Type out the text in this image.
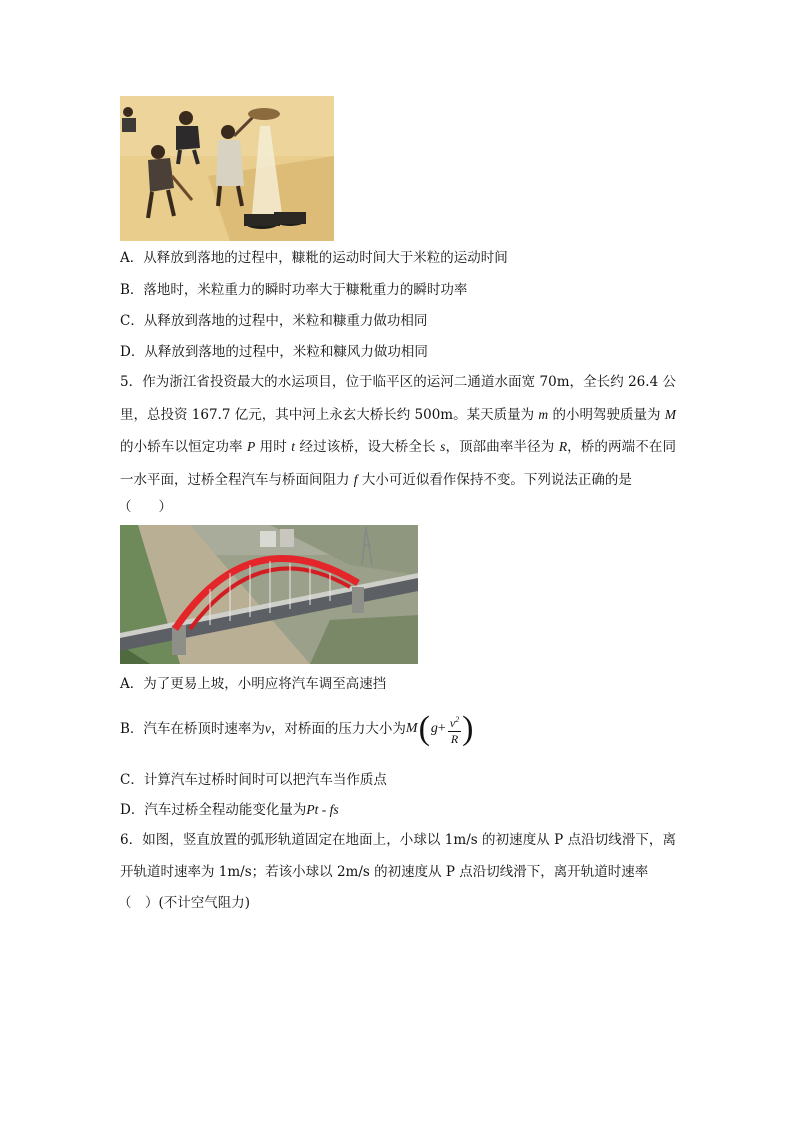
A．从释放到落地的过程中，糠粃的运动时间大于米粒的运动时间
B．落地时，米粒重力的瞬时功率大于糠粃重力的瞬时功率
C．从释放到落地的过程中，米粒和糠重力做功相同
D．从释放到落地的过程中，米粒和糠风力做功相同
5．作为浙江省投资最大的水运项目，位于临平区的运河二通道水面宽 70m，全长约 26.4 公里，总投资 167.7 亿元，其中河上永玄大桥长约 500m。某天质量为 m 的小明驾驶质量为 M 的小轿车以恒定功率 P 用时 t 经过该桥，设大桥全长 s，顶部曲率半径为 R，桥的两端不在同一水平面，过桥全程汽车与桥面间阻力 f 大小可近似看作保持不变。下列说法正确的是
（　　）
A．为了更易上坡，小明应将汽车调至高速挡
B．汽车在桥顶时速率为 v ，对桥面的压力大小为 M ( $g + \frac{v^2}{R}$ )
C．计算汽车过桥时间时可以把汽车当作质点
D．汽车过桥全程动能变化量为Pt - fs
6．如图，竖直放置的弧形轨道固定在地面上，小球以 1m/s 的初速度从 P 点沿切线滑下，离开轨道时速率为 1m/s；若该小球以 2m/s 的初速度从 P 点沿切线滑下，离开轨道时速率
（　）(不计空气阻力)
